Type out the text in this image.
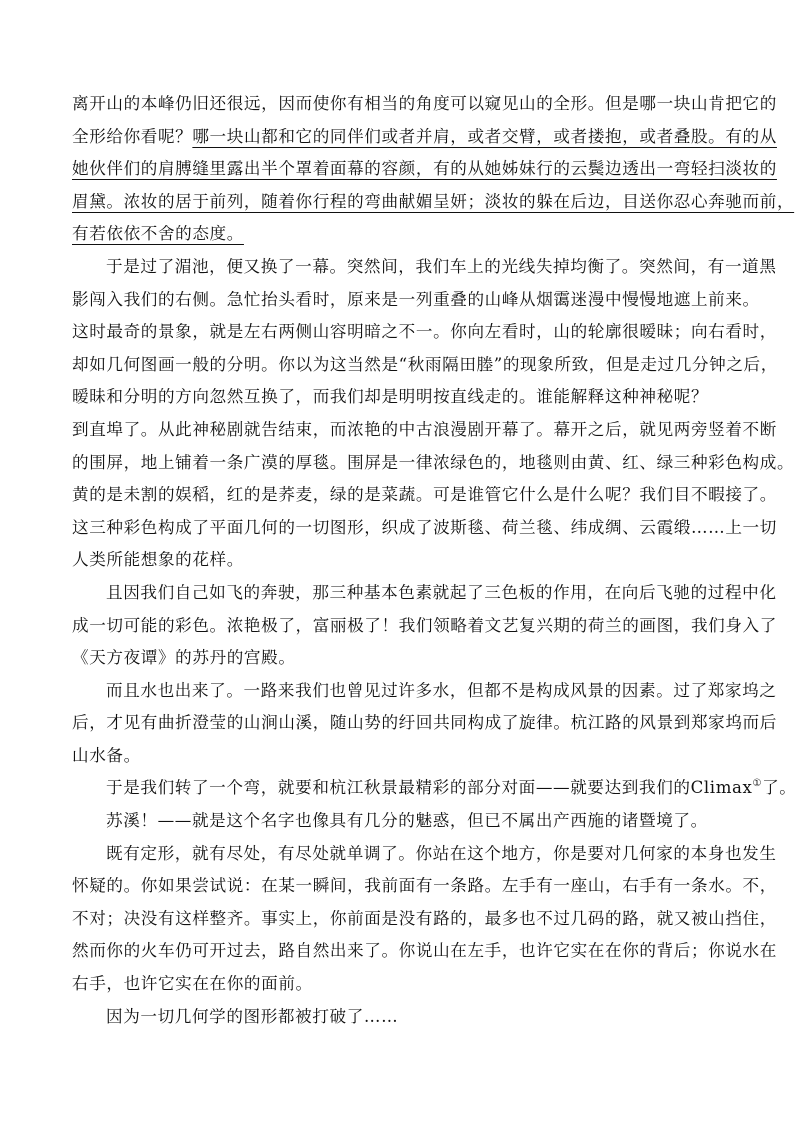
离开山的本峰仍旧还很远，因而使你有相当的角度可以窥见山的全形。但是哪一块山肯把它的
全形给你看呢？哪一块山都和它的同伴们或者并肩，或者交臂，或者搂抱，或者叠股。有的从
她伙伴们的肩膊缝里露出半个罩着面幕的容颜，有的从她姊妹行的云鬓边透出一弯轻扫淡妆的
眉黛。浓妆的居于前列，随着你行程的弯曲献媚呈妍；淡妆的躲在后边，目送你忍心奔驰而前，
有若依依不舍的态度。
于是过了湄池，便又换了一幕。突然间，我们车上的光线失掉均衡了。突然间，有一道黑
影闯入我们的右侧。急忙抬头看时，原来是一列重叠的山峰从烟霭迷漫中慢慢地遮上前来。
这时最奇的景象，就是左右两侧山容明暗之不一。你向左看时，山的轮廓很暧昧；向右看时，
却如几何图画一般的分明。你以为这当然是“秋雨隔田塍”的现象所致，但是走过几分钟之后，
暧昧和分明的方向忽然互换了，而我们却是明明按直线走的。谁能解释这种神秘呢？
到直埠了。从此神秘剧就告结束，而浓艳的中古浪漫剧开幕了。幕开之后，就见两旁竖着不断
的围屏，地上铺着一条广漠的厚毯。围屏是一律浓绿色的，地毯则由黄、红、绿三种彩色构成。
黄的是未割的娱稻，红的是荞麦，绿的是菜蔬。可是谁管它什么是什么呢？我们目不暇接了。
这三种彩色构成了平面几何的一切图形，织成了波斯毯、荷兰毯、纬成绸、云霞缎……上一切
人类所能想象的花样。
且因我们自己如飞的奔驶，那三种基本色素就起了三色板的作用，在向后飞驰的过程中化
成一切可能的彩色。浓艳极了，富丽极了！我们领略着文艺复兴期的荷兰的画图，我们身入了
《天方夜谭》的苏丹的宫殿。
而且水也出来了。一路来我们也曾见过许多水，但都不是构成风景的因素。过了郑家坞之
后，才见有曲折澄莹的山涧山溪，随山势的纡回共同构成了旋律。杭江路的风景到郑家坞而后
山水备。
于是我们转了一个弯，就要和杭江秋景最精彩的部分对面——就要达到我们的Climax①了。
苏溪！——就是这个名字也像具有几分的魅惑，但已不属出产西施的诸暨境了。
既有定形，就有尽处，有尽处就单调了。你站在这个地方，你是要对几何家的本身也发生
怀疑的。你如果尝试说：在某一瞬间，我前面有一条路。左手有一座山，右手有一条水。不，
不对；决没有这样整齐。事实上，你前面是没有路的，最多也不过几码的路，就又被山挡住，
然而你的火车仍可开过去，路自然出来了。你说山在左手，也许它实在在你的背后；你说水在
右手，也许它实在在你的面前。
因为一切几何学的图形都被打破了……
